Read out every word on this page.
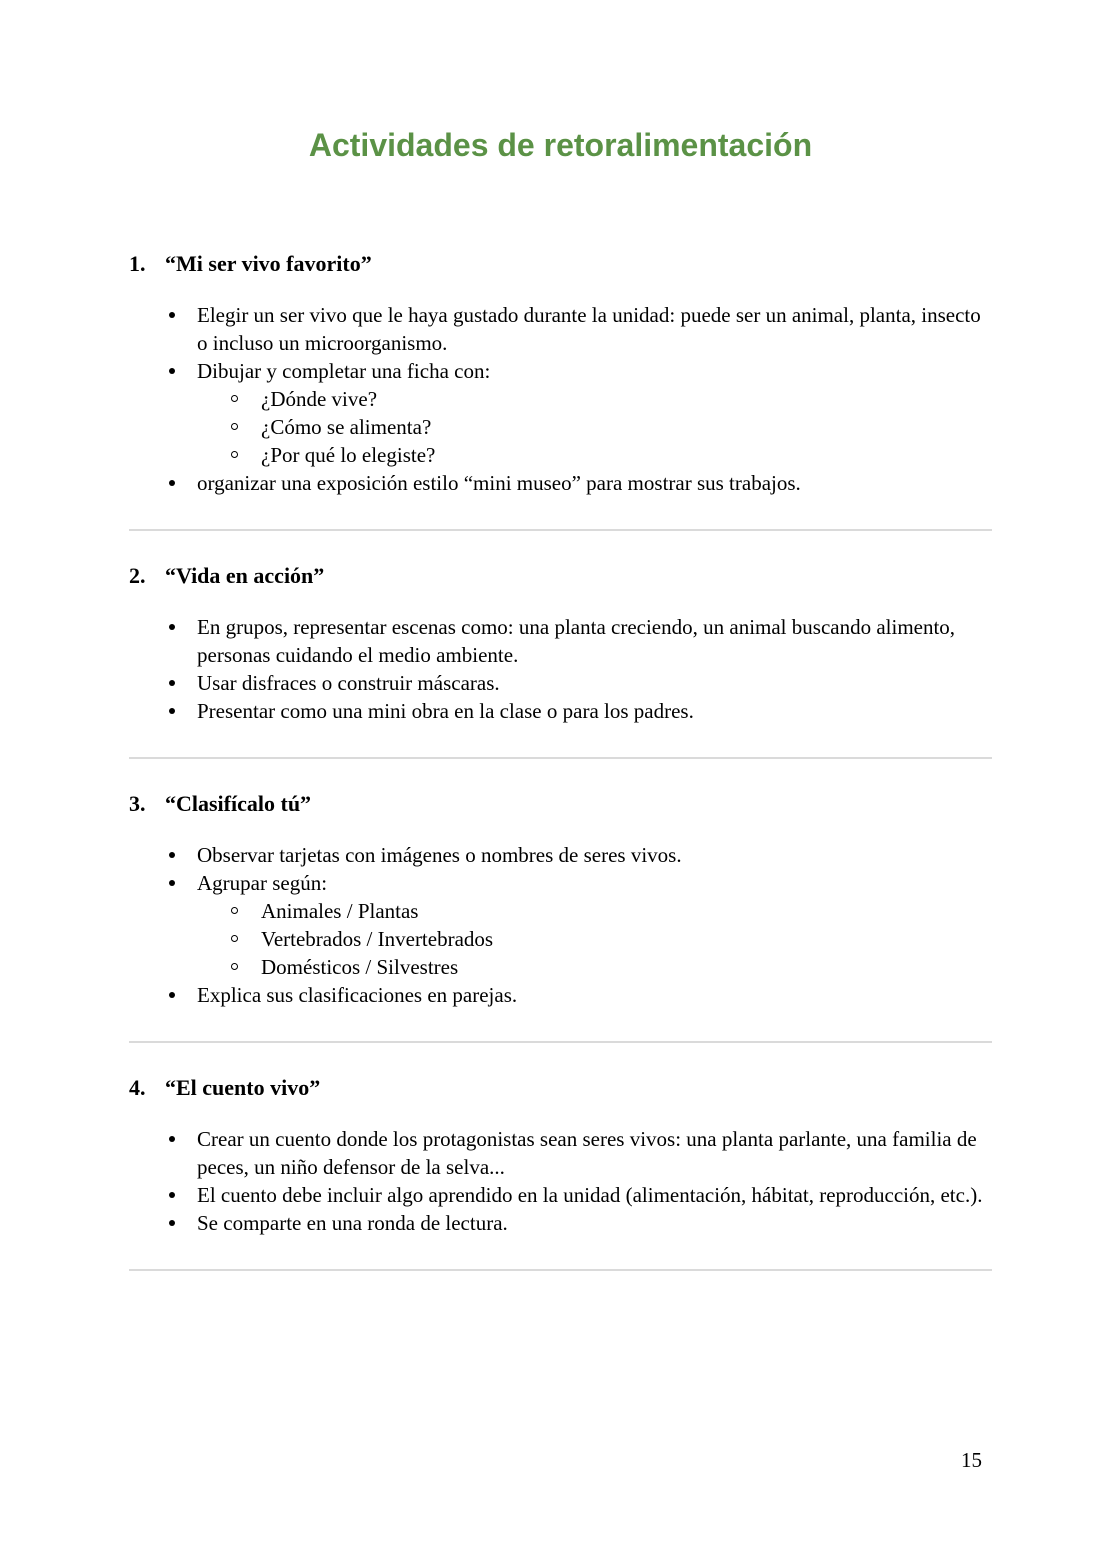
Actividades de retoralimentación
1. “Mi ser vivo favorito”
Elegir un ser vivo que le haya gustado durante la unidad: puede ser un animal, planta, insecto o incluso un microorganismo.
Dibujar y completar una ficha con:
¿Dónde vive?
¿Cómo se alimenta?
¿Por qué lo elegiste?
organizar una exposición estilo “mini museo” para mostrar sus trabajos.
2. “Vida en acción”
En grupos, representar escenas como: una planta creciendo, un animal buscando alimento, personas cuidando el medio ambiente.
Usar disfraces o construir máscaras.
Presentar como una mini obra en la clase o para los padres.
3. “Clasifícalo tú”
Observar tarjetas con imágenes o nombres de seres vivos.
Agrupar según:
Animales / Plantas
Vertebrados / Invertebrados
Domésticos / Silvestres
Explica sus clasificaciones en parejas.
4. “El cuento vivo”
Crear un cuento donde los protagonistas sean seres vivos: una planta parlante, una familia de peces, un niño defensor de la selva...
El cuento debe incluir algo aprendido en la unidad (alimentación, hábitat, reproducción, etc.).
Se comparte en una ronda de lectura.
15
